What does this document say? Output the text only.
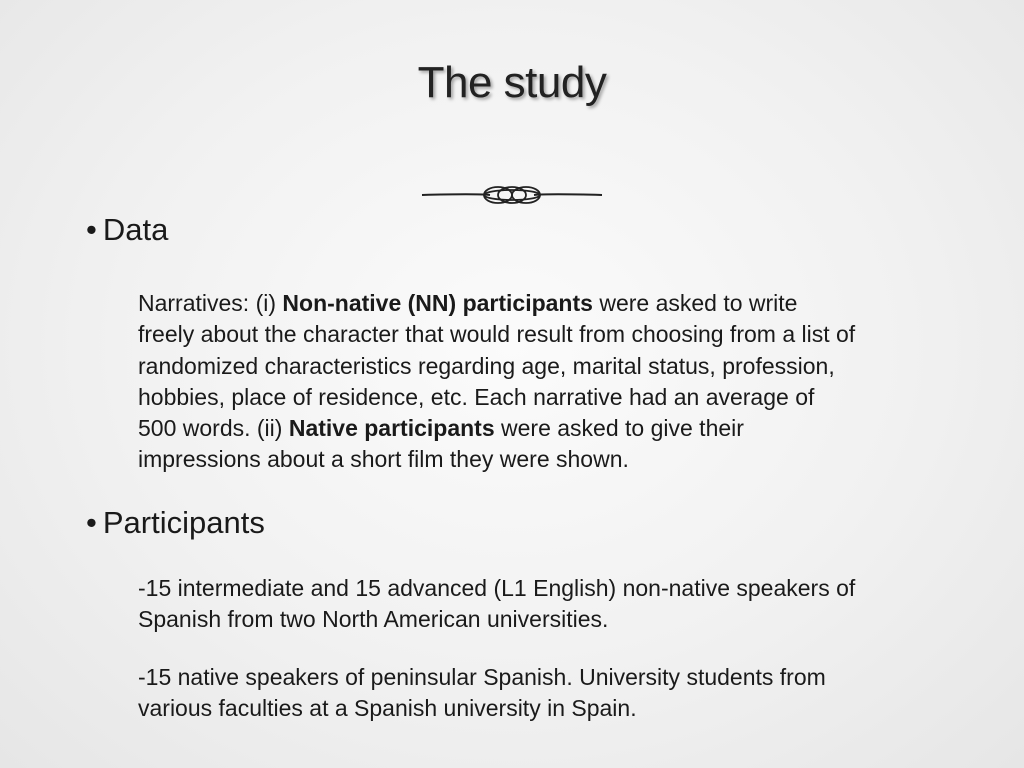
The study
• Data
Narratives: (i) Non-native (NN) participants were asked to write
freely about the character that would result from choosing from a list of
randomized characteristics regarding age, marital status, profession,
hobbies, place of residence, etc. Each narrative had an average of
500 words. (ii) Native participants were asked to give their
impressions about a short film they were shown.
• Participants
-15 intermediate and 15 advanced (L1 English) non-native speakers of
Spanish from two North American universities.
-15 native speakers of peninsular Spanish. University students from
various faculties at a Spanish university in Spain.
